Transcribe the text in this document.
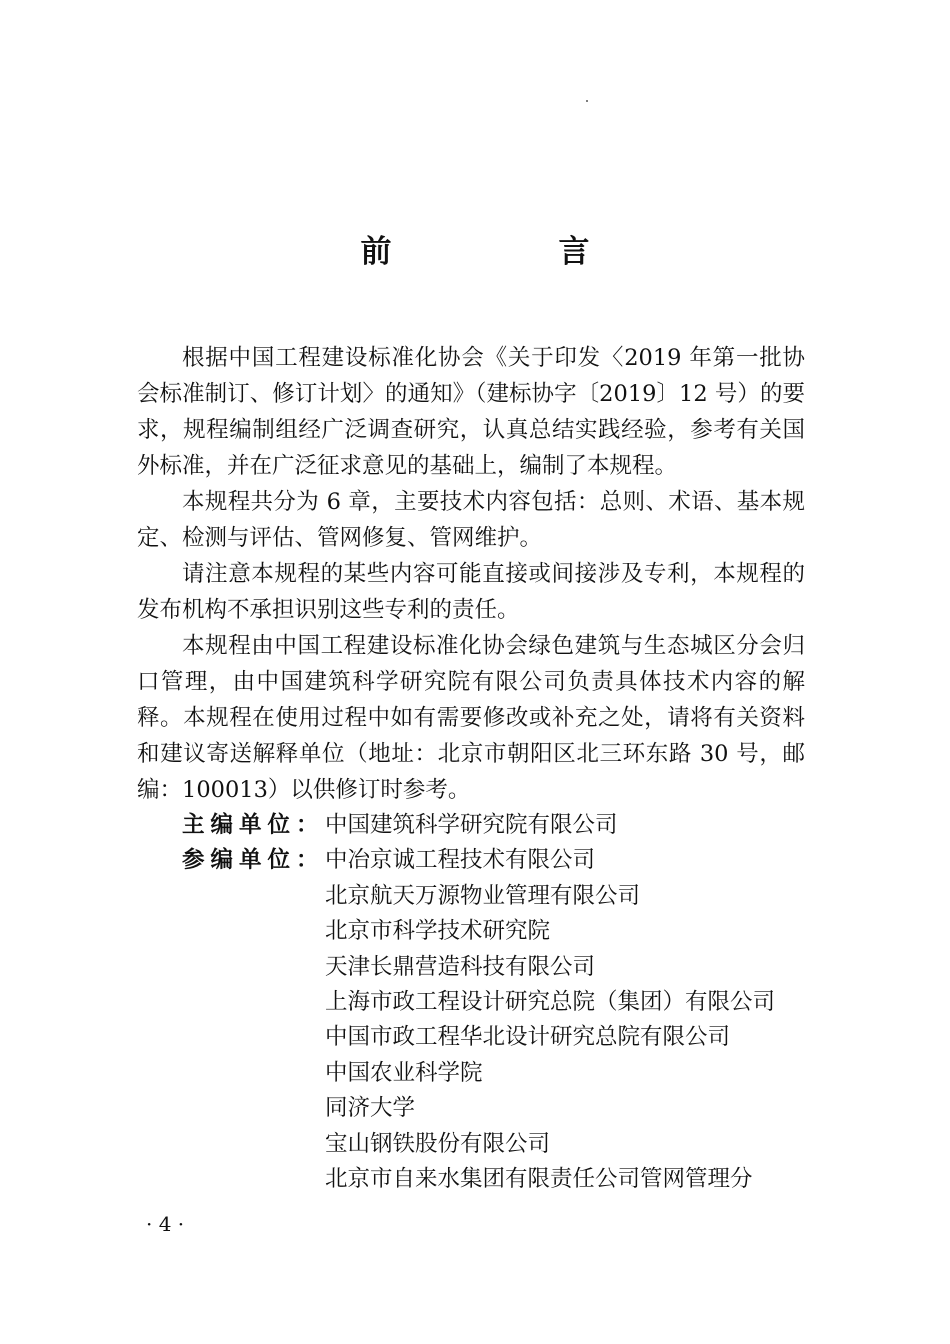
前　言

根据中国工程建设标准化协会《关于印发〈2019 年第一批协会标准制订、修订计划〉的通知》（建标协字〔2019〕12 号）的要求，规程编制组经广泛调查研究，认真总结实践经验，参考有关国外标准，并在广泛征求意见的基础上，编制了本规程。

本规程共分为 6 章，主要技术内容包括：总则、术语、基本规定、检测与评估、管网修复、管网维护。

请注意本规程的某些内容可能直接或间接涉及专利，本规程的发布机构不承担识别这些专利的责任。

本规程由中国工程建设标准化协会绿色建筑与生态城区分会归口管理，由中国建筑科学研究院有限公司负责具体技术内容的解释。本规程在使用过程中如有需要修改或补充之处，请将有关资料和建议寄送解释单位（地址：北京市朝阳区北三环东路 30 号，邮编：100013）以供修订时参考。

主编单位： 中国建筑科学研究院有限公司
参编单位： 中冶京诚工程技术有限公司
北京航天万源物业管理有限公司
北京市科学技术研究院
天津长鼎营造科技有限公司
上海市政工程设计研究总院（集团）有限公司
中国市政工程华北设计研究总院有限公司
中国农业科学院
同济大学
宝山钢铁股份有限公司
北京市自来水集团有限责任公司管网管理分
· 4 ·
